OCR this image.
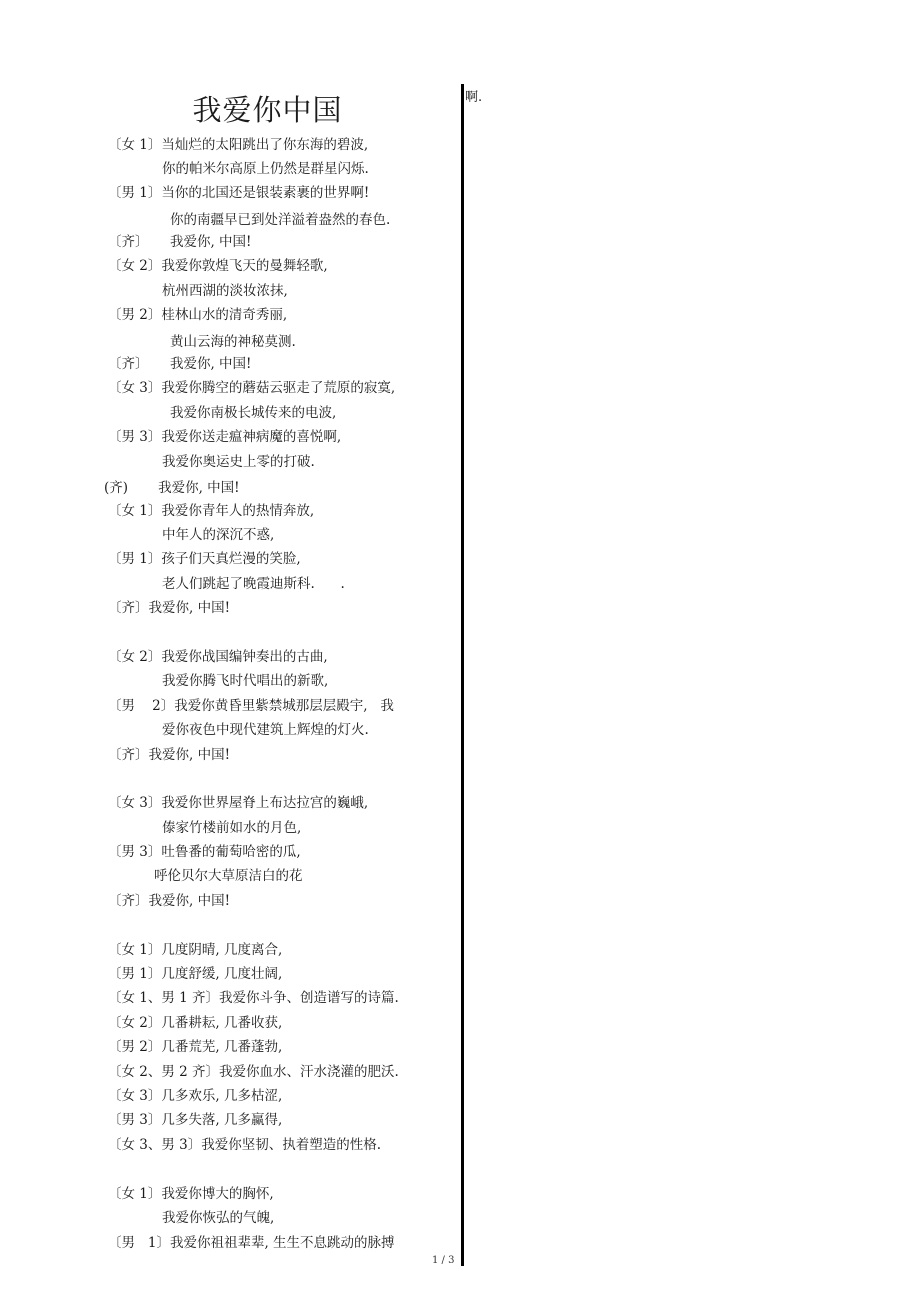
我爱你中国	啊.
〔女 1〕当灿烂的太阳跳出了你东海的碧波,
你的帕米尔高原上仍然是群星闪烁.
〔男 1〕当你的北国还是银装素裹的世界啊!
你的南疆早已到处洋溢着盎然的春色.
〔齐〕     我爱你, 中国!
〔女 2〕我爱你敦煌飞天的曼舞轻歌,
杭州西湖的淡妆浓抹,
〔男 2〕桂林山水的清奇秀丽,
黄山云海的神秘莫测.
〔齐〕     我爱你, 中国!
〔女 3〕我爱你腾空的蘑菇云驱走了荒原的寂寞,
我爱你南极长城传来的电波,
〔男 3〕我爱你送走瘟神病魔的喜悦啊,
我爱你奥运史上零的打破.
(齐)       我爱你, 中国!
〔女 1〕我爱你青年人的热情奔放,
中年人的深沉不惑,
〔男 1〕孩子们天真烂漫的笑脸,
老人们跳起了晚霞迪斯科.      .
〔齐〕我爱你, 中国!
〔女 2〕我爱你战国编钟奏出的古曲,
我爱你腾飞时代唱出的新歌,
〔男    2〕我爱你黄昏里紫禁城那层层殿宇,   我
爱你夜色中现代建筑上辉煌的灯火.
〔齐〕我爱你, 中国!
〔女 3〕我爱你世界屋脊上布达拉宫的巍峨,
傣家竹楼前如水的月色,
〔男 3〕吐鲁番的葡萄哈密的瓜,
呼伦贝尔大草原洁白的花
〔齐〕我爱你, 中国!
〔女 1〕几度阴晴, 几度离合,
〔男 1〕几度舒缓, 几度壮阔,
〔女 1、男 1 齐〕我爱你斗争、创造谱写的诗篇.
〔女 2〕几番耕耘, 几番收获,
〔男 2〕几番荒芜, 几番蓬勃,
〔女 2、男 2 齐〕我爱你血水、汗水浇灌的肥沃.
〔女 3〕几多欢乐, 几多枯涩,
〔男 3〕几多失落, 几多赢得,
〔女 3、男 3〕我爱你坚韧、执着塑造的性格.
〔女 1〕我爱你博大的胸怀,
我爱你恢弘的气魄,
〔男   1〕我爱你祖祖辈辈, 生生不息跳动的脉搏
1 / 3
